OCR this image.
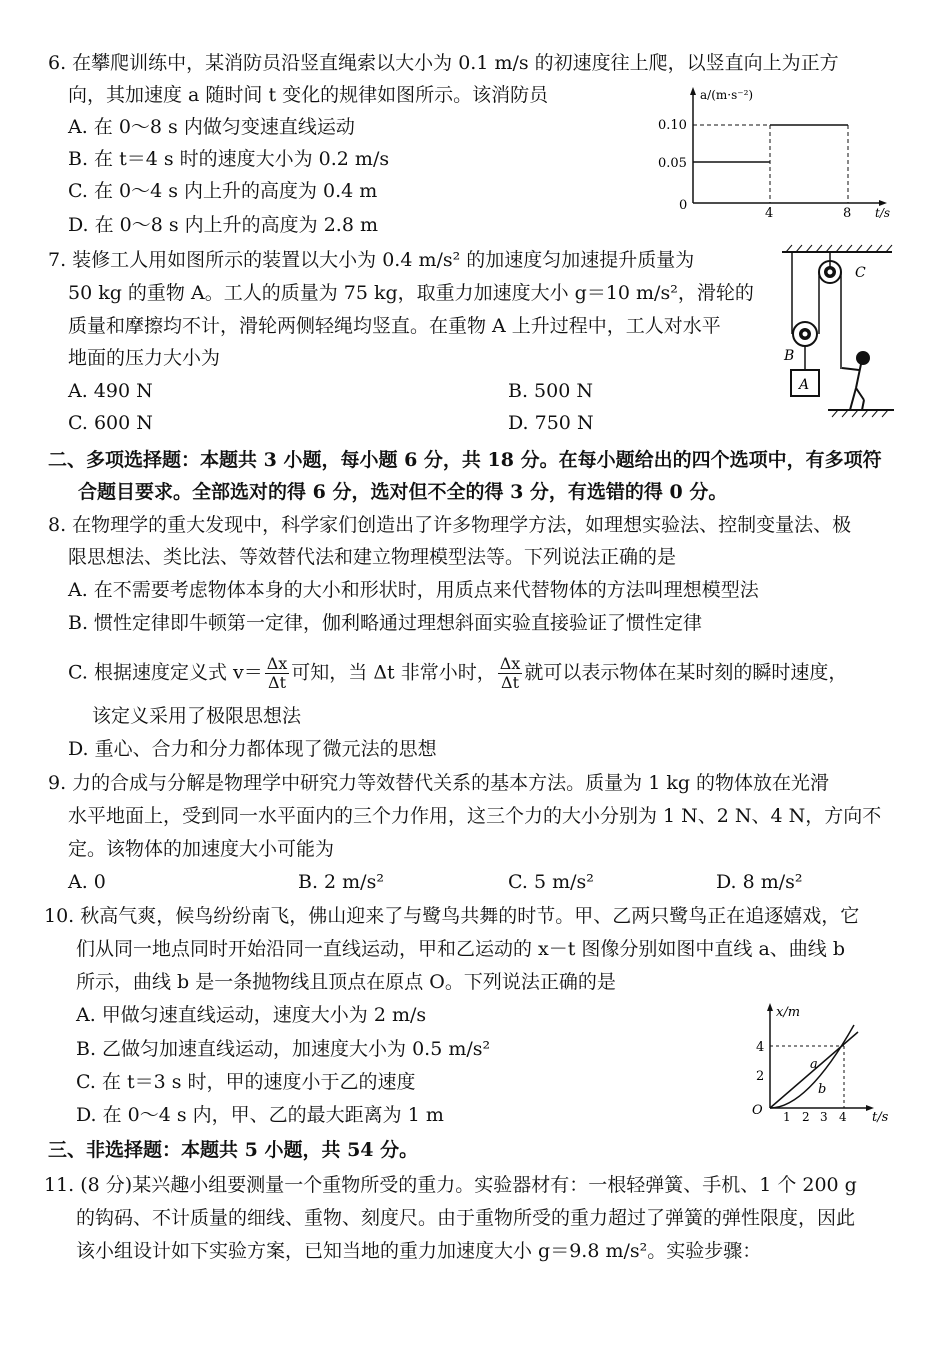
6. 在攀爬训练中，某消防员沿竖直绳索以大小为 0.1 m/s 的初速度往上爬，以竖直向上为正方
向，其加速度 a 随时间 t 变化的规律如图所示。该消防员
A. 在 0～8 s 内做匀变速直线运动
B. 在 t＝4 s 时的速度大小为 0.2 m/s
C. 在 0～4 s 内上升的高度为 0.4 m
D. 在 0～8 s 内上升的高度为 2.8 m
a/(m·s⁻²)
t/s
0.10
0.05
0
4	8
7. 装修工人用如图所示的装置以大小为 0.4 m/s² 的加速度匀加速提升质量为
50 kg 的重物 A。工人的质量为 75 kg，取重力加速度大小 g＝10 m/s²，滑轮的
质量和摩擦均不计，滑轮两侧轻绳均竖直。在重物 A 上升过程中，工人对水平
地面的压力大小为
A. 490 N	B. 500 N
C. 600 N	D. 750 N
C
B
A
二、多项选择题：本题共 3 小题，每小题 6 分，共 18 分。在每小题给出的四个选项中，有多项符
合题目要求。全部选对的得 6 分，选对但不全的得 3 分，有选错的得 0 分。
8. 在物理学的重大发现中，科学家们创造出了许多物理学方法，如理想实验法、控制变量法、极
限思想法、类比法、等效替代法和建立物理模型法等。下列说法正确的是
A. 在不需要考虑物体本身的大小和形状时，用质点来代替物体的方法叫理想模型法
B. 惯性定律即牛顿第一定律，伽利略通过理想斜面实验直接验证了惯性定律
C. 根据速度定义式 $v= \frac{\Delta x}{\Delta t}$ 可知，当 Δt 非常小时， $\frac{\Delta x}{\Delta t}$ 就可以表示物体在某时刻的瞬时速度，
该定义采用了极限思想法
D. 重心、合力和分力都体现了微元法的思想
9. 力的合成与分解是物理学中研究力等效替代关系的基本方法。质量为 1 kg 的物体放在光滑
水平地面上，受到同一水平面内的三个力作用，这三个力的大小分别为 1 N、2 N、4 N，方向不
定。该物体的加速度大小可能为
A. 0	B. 2 m/s²	C. 5 m/s²	D. 8 m/s²
10. 秋高气爽，候鸟纷纷南飞，佛山迎来了与鹭鸟共舞的时节。甲、乙两只鹭鸟正在追逐嬉戏，它
们从同一地点同时开始沿同一直线运动，甲和乙运动的 x－t 图像分别如图中直线 a、曲线 b
所示，曲线 b 是一条抛物线且顶点在原点 O。下列说法正确的是
A. 甲做匀速直线运动，速度大小为 2 m/s
B. 乙做匀加速直线运动，加速度大小为 0.5 m/s²
C. 在 t＝3 s 时，甲的速度小于乙的速度
D. 在 0～4 s 内，甲、乙的最大距离为 1 m
x/m
t/s
4
2
O 1 2 3 4
a
b
三、非选择题：本题共 5 小题，共 54 分。
11. (8 分)某兴趣小组要测量一个重物所受的重力。实验器材有：一根轻弹簧、手机、1 个 200 g
的钩码、不计质量的细线、重物、刻度尺。由于重物所受的重力超过了弹簧的弹性限度，因此
该小组设计如下实验方案，已知当地的重力加速度大小 g＝9.8 m/s²。实验步骤：
